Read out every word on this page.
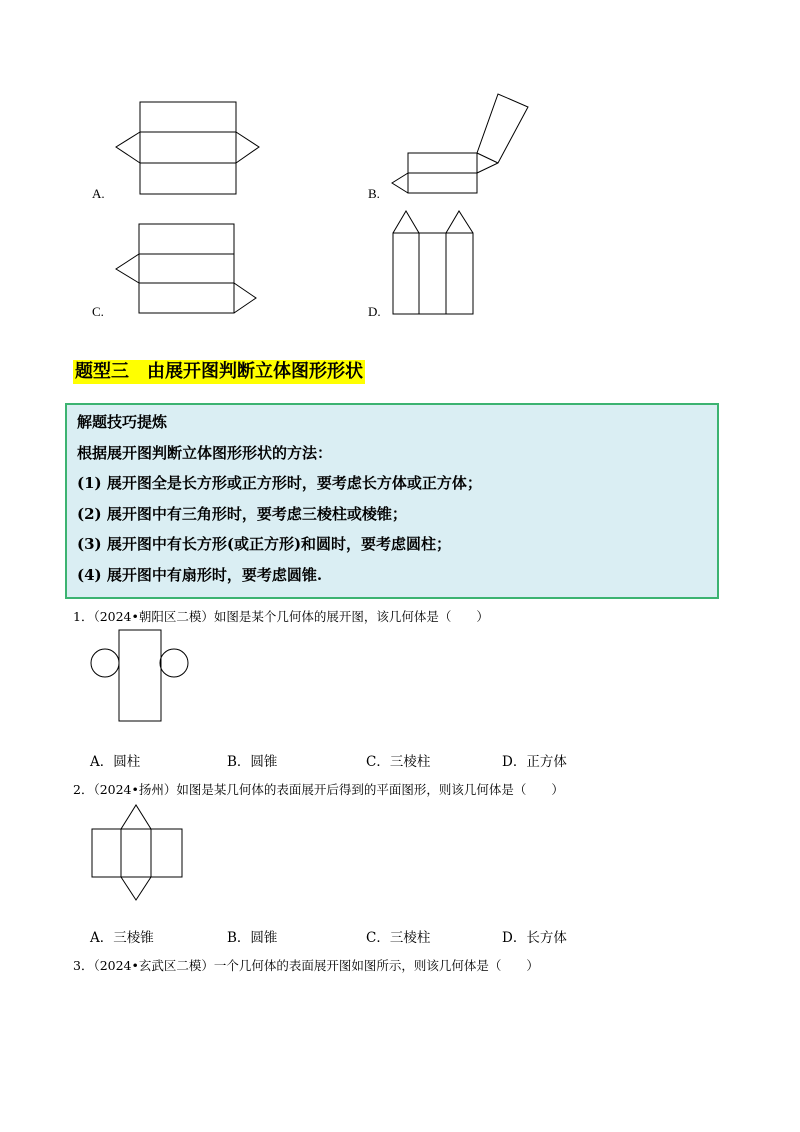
A.	B.
C.	D.
题型三　由展开图判断立体图形形状
解题技巧提炼
根据展开图判断立体图形形状的方法：
(1) 展开图全是长方形或正方形时，要考虑长方体或正方体；
(2) 展开图中有三角形时，要考虑三棱柱或棱锥；
(3) 展开图中有长方形(或正方形)和圆时，要考虑圆柱；
(4) 展开图中有扇形时，要考虑圆锥.
1．（2024•朝阳区二模）如图是某个几何体的展开图，该几何体是（　　）
A．圆柱	B．圆锥	C．三棱柱	D．正方体
2．（2024•扬州）如图是某几何体的表面展开后得到的平面图形，则该几何体是（　　）
A．三棱锥	B．圆锥	C．三棱柱	D．长方体
3．（2024•玄武区二模）一个几何体的表面展开图如图所示，则该几何体是（　　）
